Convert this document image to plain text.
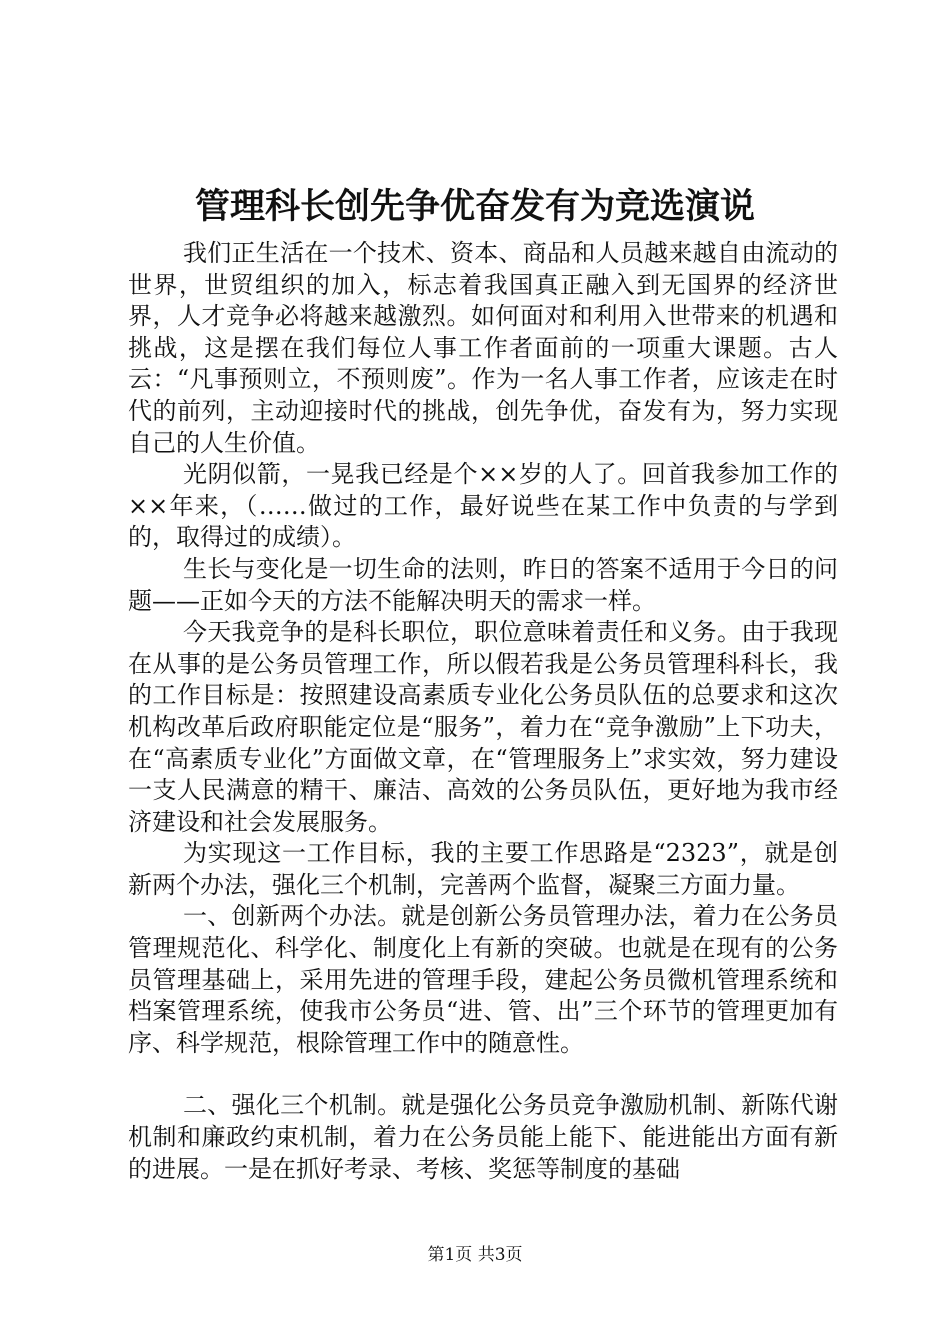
管理科长创先争优奋发有为竞选演说

我们正生活在一个技术、资本、商品和人员越来越自由流动的世界，世贸组织的加入，标志着我国真正融入到无国界的经济世界，人才竞争必将越来越激烈。如何面对和利用入世带来的机遇和挑战，这是摆在我们每位人事工作者面前的一项重大课题。古人云：“凡事预则立，不预则废”。作为一名人事工作者，应该走在时代的前列，主动迎接时代的挑战，创先争优，奋发有为，努力实现自己的人生价值。

光阴似箭，一晃我已经是个××岁的人了。回首我参加工作的××年来，（……做过的工作，最好说些在某工作中负责的与学到的，取得过的成绩）。

生长与变化是一切生命的法则，昨日的答案不适用于今日的问题——正如今天的方法不能解决明天的需求一样。

今天我竞争的是科长职位，职位意味着责任和义务。由于我现在从事的是公务员管理工作，所以假若我是公务员管理科科长，我的工作目标是：按照建设高素质专业化公务员队伍的总要求和这次机构改革后政府职能定位是“服务”，着力在“竞争激励”上下功夫，在“高素质专业化”方面做文章，在“管理服务上”求实效，努力建设一支人民满意的精干、廉洁、高效的公务员队伍，更好地为我市经济建设和社会发展服务。

为实现这一工作目标，我的主要工作思路是“2323”，就是创新两个办法，强化三个机制，完善两个监督，凝聚三方面力量。

一、创新两个办法。就是创新公务员管理办法，着力在公务员管理规范化、科学化、制度化上有新的突破。也就是在现有的公务员管理基础上，采用先进的管理手段，建起公务员微机管理系统和档案管理系统，使我市公务员“进、管、出”三个环节的管理更加有序、科学规范，根除管理工作中的随意性。

二、强化三个机制。就是强化公务员竞争激励机制、新陈代谢机制和廉政约束机制，着力在公务员能上能下、能进能出方面有新的进展。一是在抓好考录、考核、奖惩等制度的基础

第1页 共3页
